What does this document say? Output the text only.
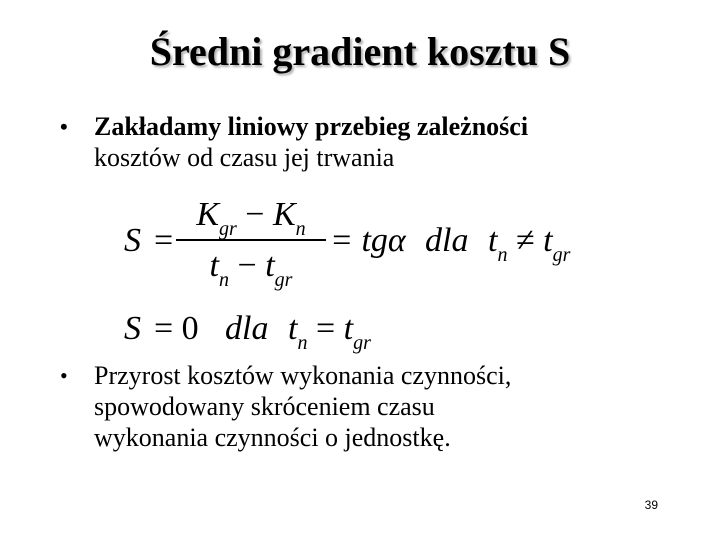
Średni gradient kosztu S
• Zakładamy liniowy przebieg zależności
kosztów od czasu jej trwania
S =
$K_{gr} - K_n$
$t_n - t_{gr}$
= tgα dla $t_n \ne t_{gr}$
S = 0 dla $t_n = t_{gr}$
• Przyrost kosztów wykonania czynności,
spowodowany skróceniem czasu
wykonania czynności o jednostkę.
39
